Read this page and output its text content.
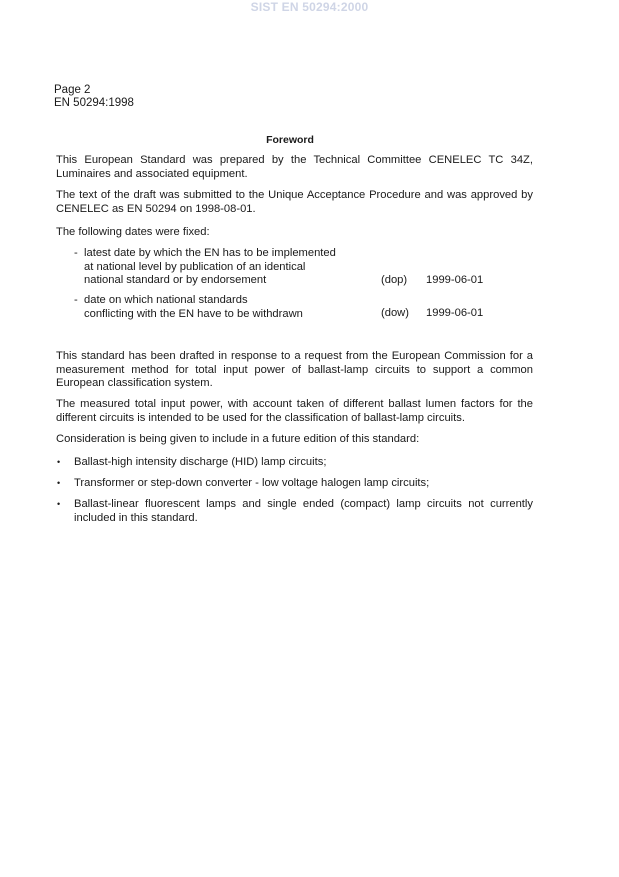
SIST EN 50294:2000
Page 2
EN 50294:1998
Foreword
This European Standard was prepared by the Technical Committee CENELEC TC 34Z, Luminaires and associated equipment.
The text of the draft was submitted to the Unique Acceptance Procedure and was approved by CENELEC as EN 50294 on 1998-08-01.
The following dates were fixed:
- latest date by which the EN has to be implemented
at national level by publication of an identical
national standard or by endorsement	(dop) 1999-06-01
- date on which national standards
conflicting with the EN have to be withdrawn	(dow) 1999-06-01
This standard has been drafted in response to a request from the European Commission for a measurement method for total input power of ballast-lamp circuits to support a common European classification system.
The measured total input power, with account taken of different ballast lumen factors for the different circuits is intended to be used for the classification of ballast-lamp circuits.
Consideration is being given to include in a future edition of this standard:
• Ballast-high intensity discharge (HID) lamp circuits;
• Transformer or step-down converter - low voltage halogen lamp circuits;
• Ballast-linear fluorescent lamps and single ended (compact) lamp circuits not currently included in this standard.
